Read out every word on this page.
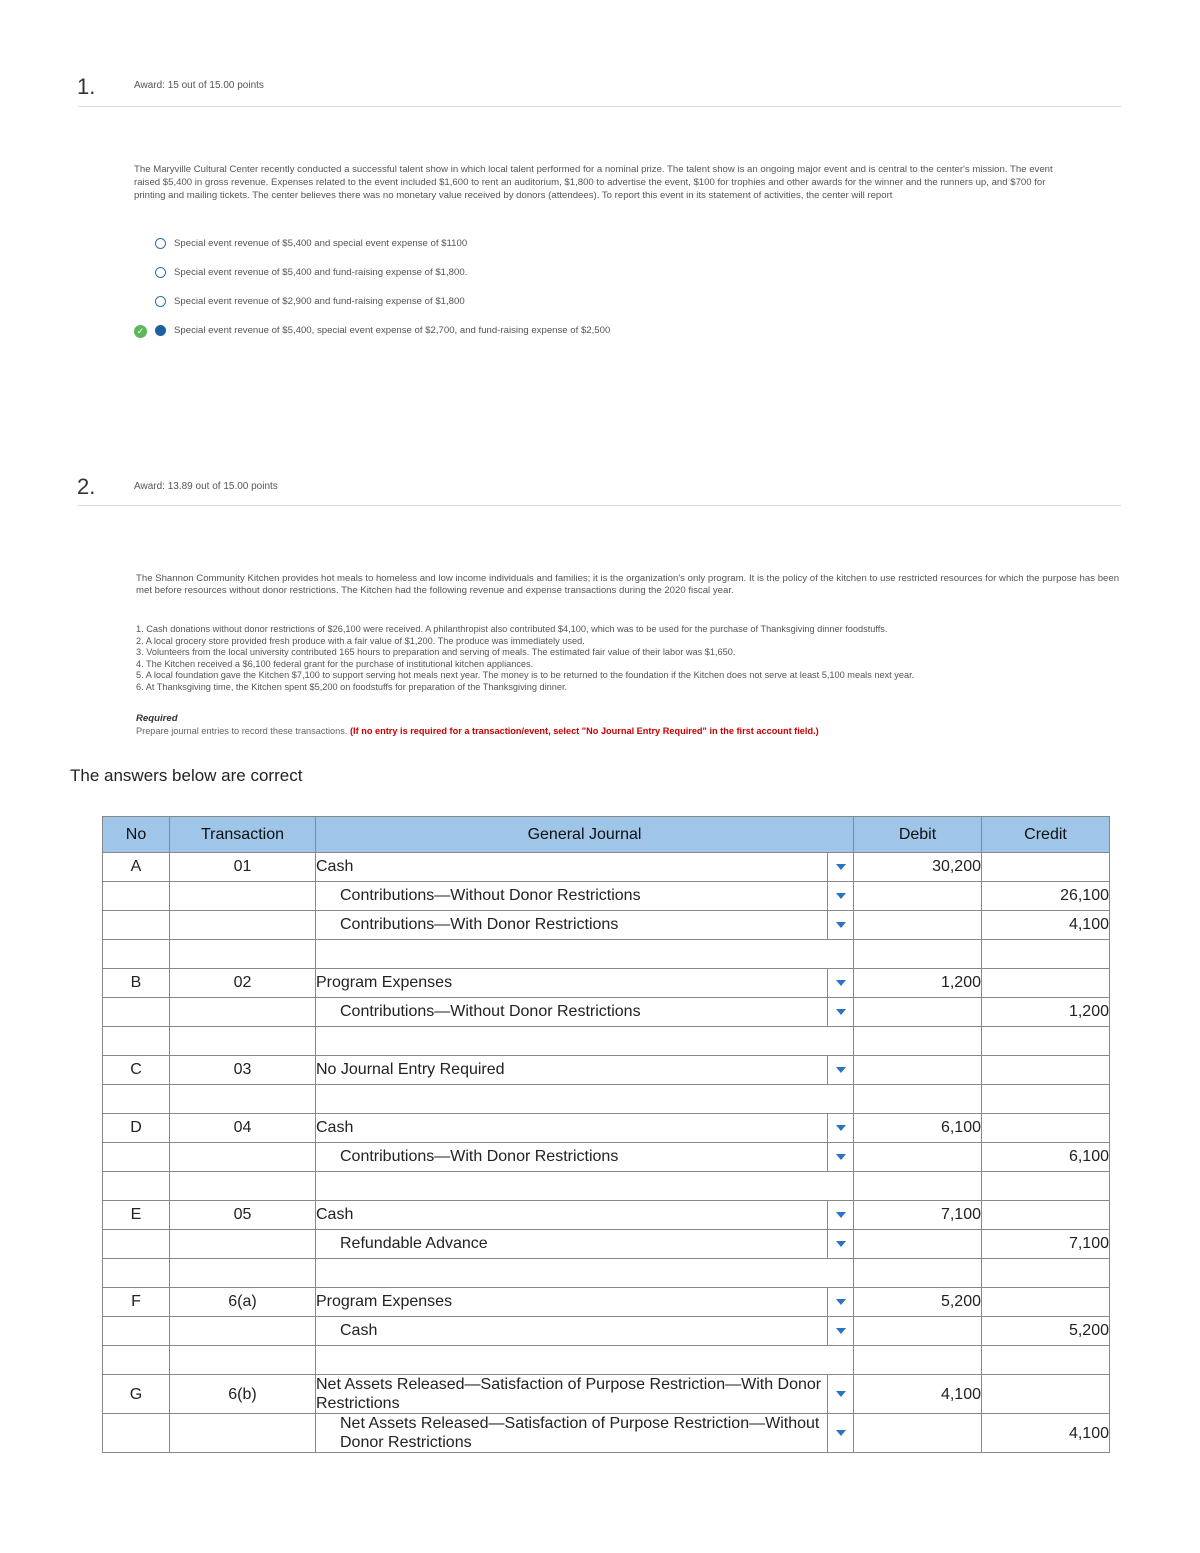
1.	Award: 15 out of 15.00 points
The Maryville Cultural Center recently conducted a successful talent show in which local talent performed for a nominal prize. The talent show is an ongoing major event and is central to the center's mission. The event raised $5,400 in gross revenue. Expenses related to the event included $1,600 to rent an auditorium, $1,800 to advertise the event, $100 for trophies and other awards for the winner and the runners up, and $700 for printing and mailing tickets. The center believes there was no monetary value received by donors (attendees). To report this event in its statement of activities, the center will report
Special event revenue of $5,400 and special event expense of $1100
Special event revenue of $5,400 and fund-raising expense of $1,800.
Special event revenue of $2,900 and fund-raising expense of $1,800
✓	Special event revenue of $5,400, special event expense of $2,700, and fund-raising expense of $2,500
2.	Award: 13.89 out of 15.00 points
The Shannon Community Kitchen provides hot meals to homeless and low income individuals and families; it is the organization's only program. It is the policy of the kitchen to use restricted resources for which the purpose has been met before resources without donor restrictions. The Kitchen had the following revenue and expense transactions during the 2020 fiscal year.
1. Cash donations without donor restrictions of $26,100 were received. A philanthropist also contributed $4,100, which was to be used for the purchase of Thanksgiving dinner foodstuffs.
2. A local grocery store provided fresh produce with a fair value of $1,200. The produce was immediately used.
3. Volunteers from the local university contributed 165 hours to preparation and serving of meals. The estimated fair value of their labor was $1,650.
4. The Kitchen received a $6,100 federal grant for the purchase of institutional kitchen appliances.
5. A local foundation gave the Kitchen $7,100 to support serving hot meals next year. The money is to be returned to the foundation if the Kitchen does not serve at least 5,100 meals next year.
6. At Thanksgiving time, the Kitchen spent $5,200 on foodstuffs for preparation of the Thanksgiving dinner.
Required
Prepare journal entries to record these transactions. (If no entry is required for a transaction/event, select "No Journal Entry Required" in the first account field.)
The answers below are correct
No	Transaction	General Journal	Debit	Credit
A	01	Cash	30,200	

		Contributions—Without Donor Restrictions		26,100

		Contributions—With Donor Restrictions		4,100

B	02	Program Expenses	1,200	

		Contributions—Without Donor Restrictions		1,200

C	03	No Journal Entry Required		

D	04	Cash	6,100	

		Contributions—With Donor Restrictions		6,100

E	05	Cash	7,100	

		Refundable Advance		7,100

F	6(a)	Program Expenses	5,200	

		Cash		5,200

G	6(b)	Net Assets Released—Satisfaction of Purpose Restriction—With Donor Restrictions	4,100	

		Net Assets Released—Satisfaction of Purpose Restriction—Without Donor Restrictions		4,100
